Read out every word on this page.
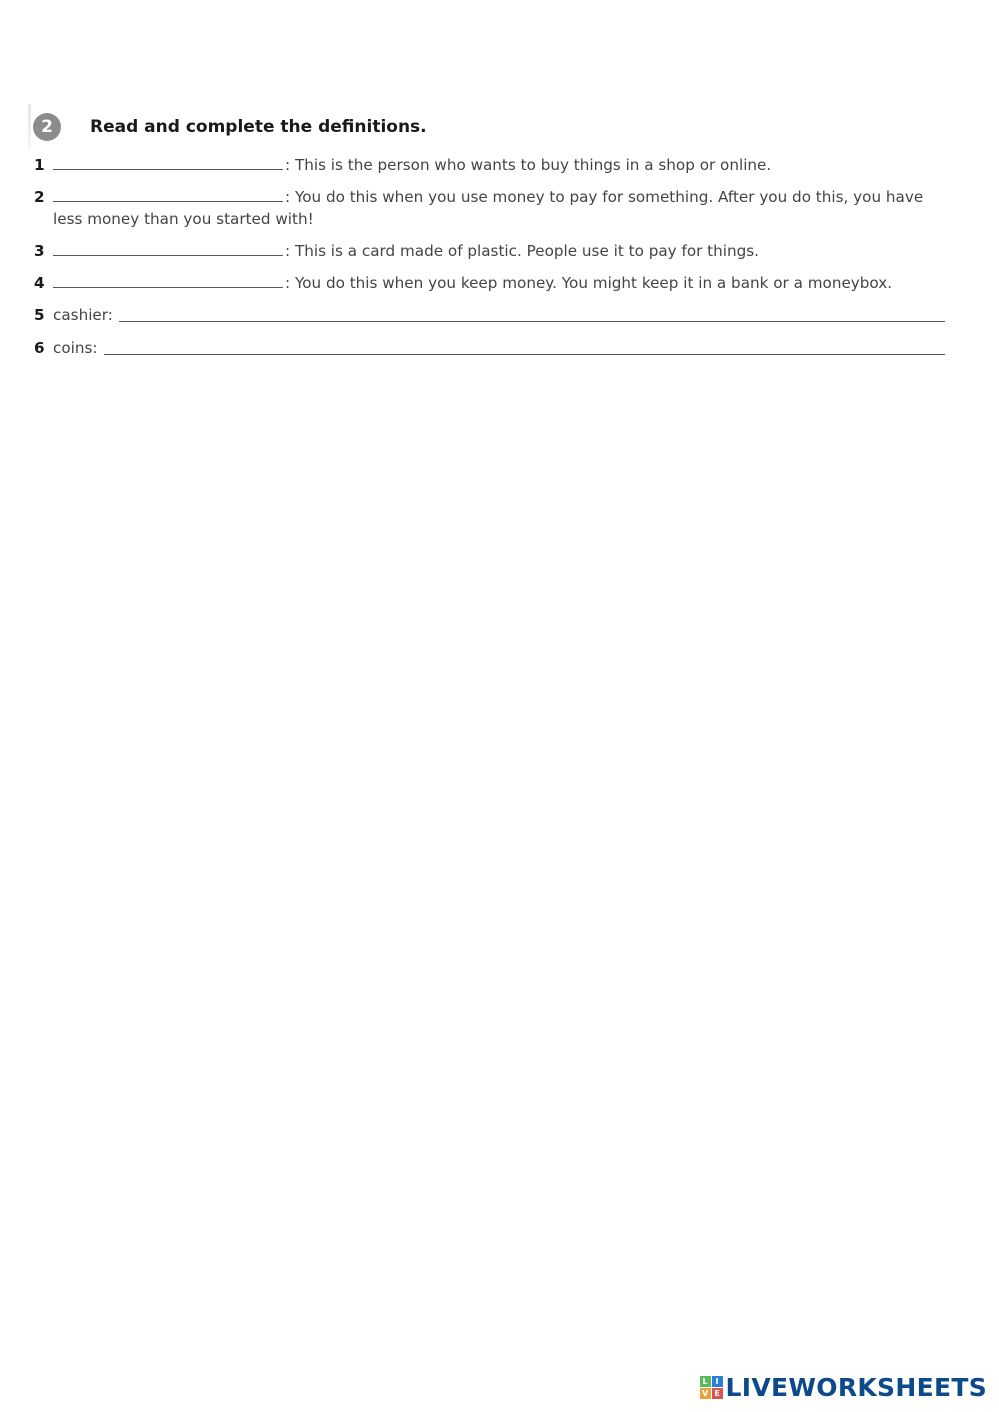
2	Read and complete the definitions.
1	: This is the person who wants to buy things in a shop or online.
2	: You do this when you use money to pay for something. After you do this, you have less money than you started with!
3	: This is a card made of plastic. People use it to pay for things.
4	: You do this when you keep money. You might keep it in a bank or a moneybox.
5 cashier:
6 coins:
L I
V E LIVEWORKSHEETS
